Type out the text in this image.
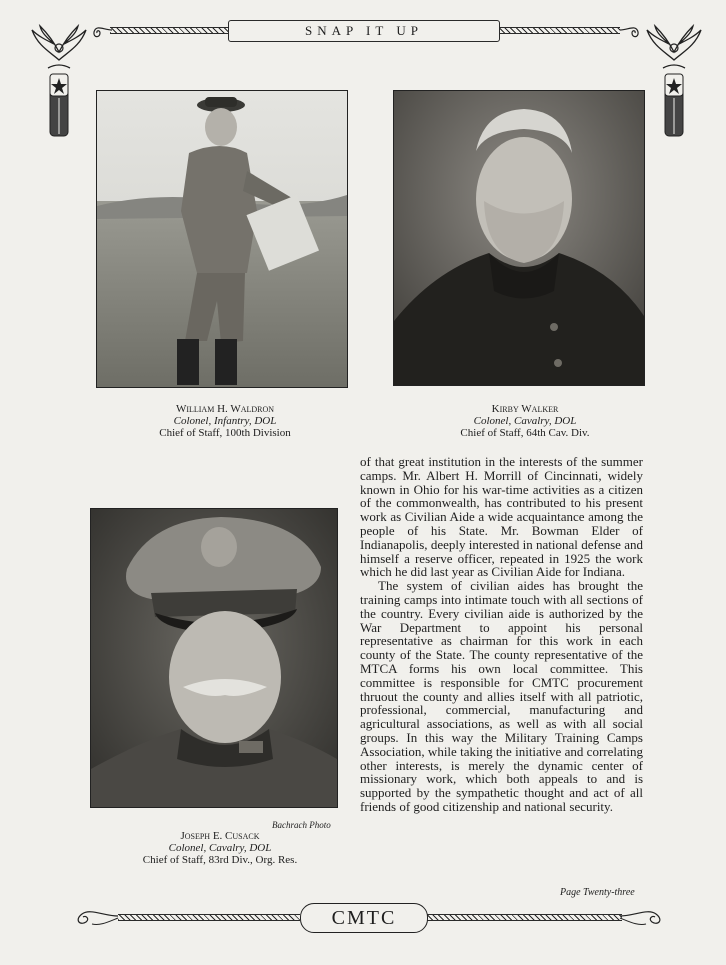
SNAP IT UP
William H. Waldron
Colonel, Infantry, DOL
Chief of Staff, 100th Division
Kirby Walker
Colonel, Cavalry, DOL
Chief of Staff, 64th Cav. Div.
Bachrach Photo
Joseph E. Cusack
Colonel, Cavalry, DOL
Chief of Staff, 83rd Div., Org. Res.

of that great institution in the interests of the summer camps. Mr. Albert H. Morrill of Cincinnati, widely known in Ohio for his war-time activities as a citizen of the commonwealth, has contributed to his present work as Civilian Aide a wide acquaintance among the people of his State. Mr. Bowman Elder of Indianapolis, deeply interested in national defense and himself a reserve officer, repeated in 1925 the work which he did last year as Civilian Aide for Indiana.

The system of civilian aides has brought the training camps into intimate touch with all sections of the country. Every civilian aide is authorized by the War Department to appoint his personal representative as chairman for this work in each county of the State. The county representative of the MTCA forms his own local committee. This committee is responsible for CMTC procurement thruout the county and allies itself with all patriotic, professional, commercial, manufacturing and agricultural associations, as well as with all social groups. In this way the Military Training Camps Association, while taking the initiative and correlating other interests, is merely the dynamic center of missionary work, which both appeals to and is supported by the sympathetic thought and act of all friends of good citizenship and national security.

Page Twenty-three
CMTC
